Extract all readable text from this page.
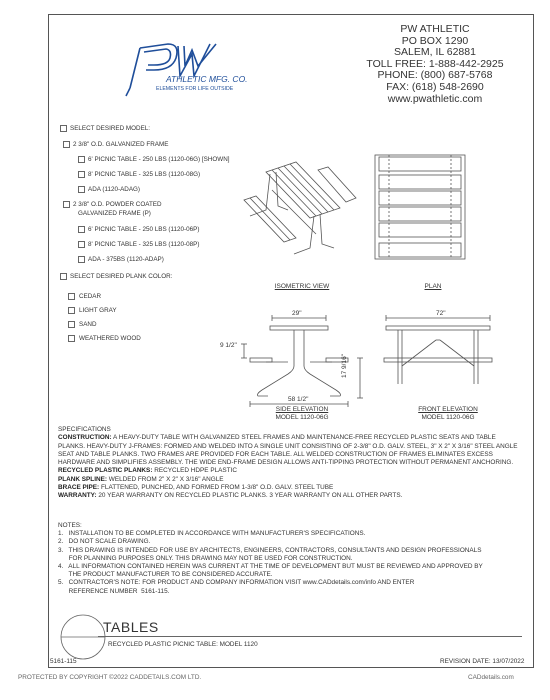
ATHLETIC MFG. CO.
ELEMENTS FOR LIFE OUTSIDE
PW ATHLETIC
PO BOX 1290
SALEM, IL 62881
TOLL FREE: 1-888-442-2925
PHONE: (800) 687-5768
FAX: (618) 548-2690
www.pwathletic.com
SELECT DESIRED MODEL:
2 3/8" O.D. GALVANIZED FRAME
6' PICNIC TABLE - 250 LBS (1120-06G) [SHOWN]
8' PICNIC TABLE - 325 LBS (1120-08G)
ADA (1120-ADAG)
2 3/8" O.D. POWDER COATED
GALVANIZED FRAME (P)
6' PICNIC TABLE - 250 LBS (1120-06P)
8' PICNIC TABLE - 325 LBS (1120-08P)
ADA - 375BS (1120-ADAP)
SELECT DESIRED PLANK COLOR:
CEDAR
LIGHT GRAY
SAND
WEATHERED WOOD
ISOMETRIC VIEW	PLAN
29"
9 1/2"
17 9/16"
58 1/2"
SIDE ELEVATION
MODEL 1120-06G
72"
FRONT ELEVATION
MODEL 1120-06G
SPECIFICATIONS
CONSTRUCTION: A HEAVY-DUTY TABLE WITH GALVANIZED STEEL FRAMES AND MAINTENANCE-FREE RECYCLED PLASTIC SEATS AND TABLE PLANKS. HEAVY-DUTY J-FRAMES: FORMED AND WELDED INTO A SINGLE UNIT CONSISTING OF 2-3/8" O.D. GALV. STEEL, 3" X 2" X 3/16" STEEL ANGLE SEAT AND TABLE PLANKS. TWO FRAMES ARE PROVIDED FOR EACH TABLE. ALL WELDED CONSTRUCTION OF FRAMES ELIMINATES EXCESS HARDWARE AND SIMPLIFIES ASSEMBLY. THE WIDE END-FRAME DESIGN ALLOWS ANTI-TIPPING PROTECTION WITHOUT PERMANENT ANCHORING.
RECYCLED PLASTIC PLANKS: RECYCLED HDPE PLASTIC
PLANK SPLINE: WELDED FROM 2" X 2" X 3/16" ANGLE
BRACE PIPE: FLATTENED, PUNCHED, AND FORMED FROM 1-3/8" O.D. GALV. STEEL TUBE
WARRANTY: 20 YEAR WARRANTY ON RECYCLED PLASTIC PLANKS. 3 YEAR WARRANTY ON ALL OTHER PARTS.
NOTES:
1.   INSTALLATION TO BE COMPLETED IN ACCORDANCE WITH MANUFACTURER'S SPECIFICATIONS.
2.   DO NOT SCALE DRAWING.
3.   THIS DRAWING IS INTENDED FOR USE BY ARCHITECTS, ENGINEERS, CONTRACTORS, CONSULTANTS AND DESIGN PROFESSIONALS
FOR PLANNING PURPOSES ONLY. THIS DRAWING MAY NOT BE USED FOR CONSTRUCTION.
4.   ALL INFORMATION CONTAINED HEREIN WAS CURRENT AT THE TIME OF DEVELOPMENT BUT MUST BE REVIEWED AND APPROVED BY
THE PRODUCT MANUFACTURER TO BE CONSIDERED ACCURATE.
5.   CONTRACTOR'S NOTE: FOR PRODUCT AND COMPANY INFORMATION VISIT www.CADdetails.com/info AND ENTER
REFERENCE NUMBER  5161-115.
TABLES
RECYCLED PLASTIC PICNIC TABLE: MODEL 1120
5161-115	REVISION DATE: 13/07/2022
PROTECTED BY COPYRIGHT ©2022 CADDETAILS.COM LTD.	CADdetails.com
